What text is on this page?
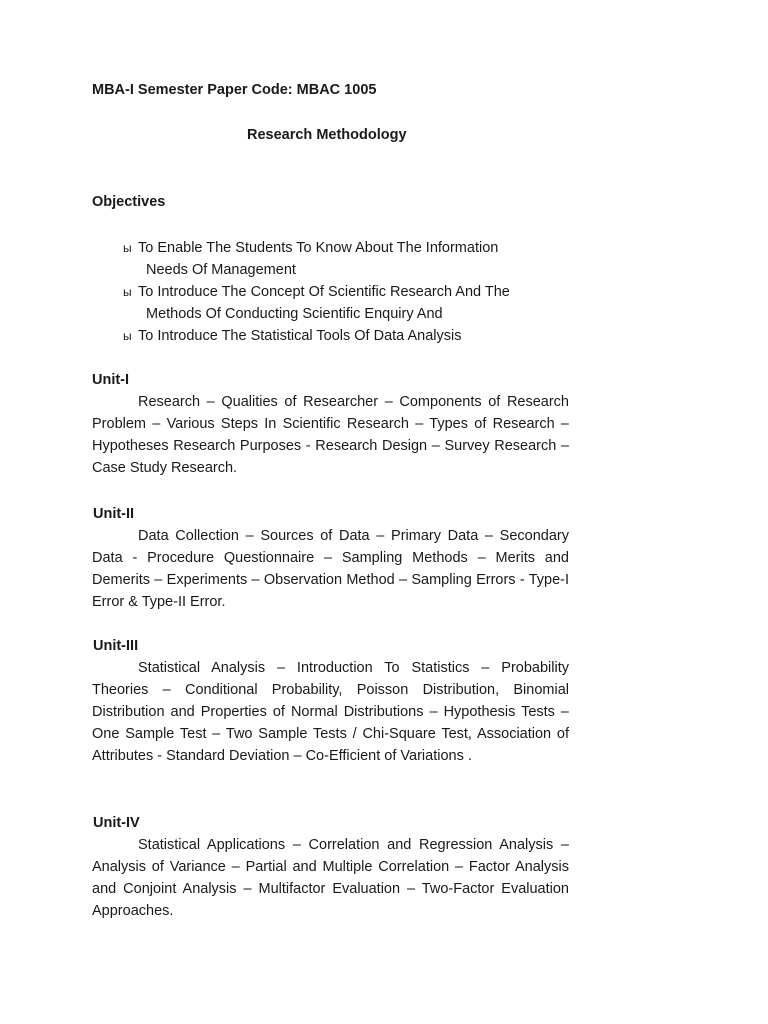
MBA-I Semester Paper Code: MBAC 1005
Research Methodology
Objectives
ы To Enable The Students To Know About The Information
Needs Of Management
ы To Introduce The Concept Of Scientific Research And The
Methods Of Conducting Scientific Enquiry And
ы To Introduce The Statistical Tools Of Data Analysis
Unit-I

Research – Qualities of Researcher – Components of Research Problem – Various Steps In Scientific Research – Types of Research – Hypotheses Research Purposes - Research Design – Survey Research – Case Study Research.

Unit-II

Data Collection – Sources of Data – Primary Data – Secondary Data - Procedure Questionnaire – Sampling Methods – Merits and Demerits – Experiments – Observation Method – Sampling Errors - Type-I Error & Type-II Error.

Unit-III

Statistical Analysis – Introduction To Statistics – Probability Theories – Conditional Probability, Poisson Distribution, Binomial Distribution and Properties of Normal Distributions – Hypothesis Tests – One Sample Test – Two Sample Tests / Chi-Square Test, Association of Attributes - Standard Deviation – Co-Efficient of Variations .

Unit-IV

Statistical Applications – Correlation and Regression Analysis – Analysis of Variance – Partial and Multiple Correlation – Factor Analysis and Conjoint Analysis – Multifactor Evaluation – Two-Factor Evaluation Approaches.
